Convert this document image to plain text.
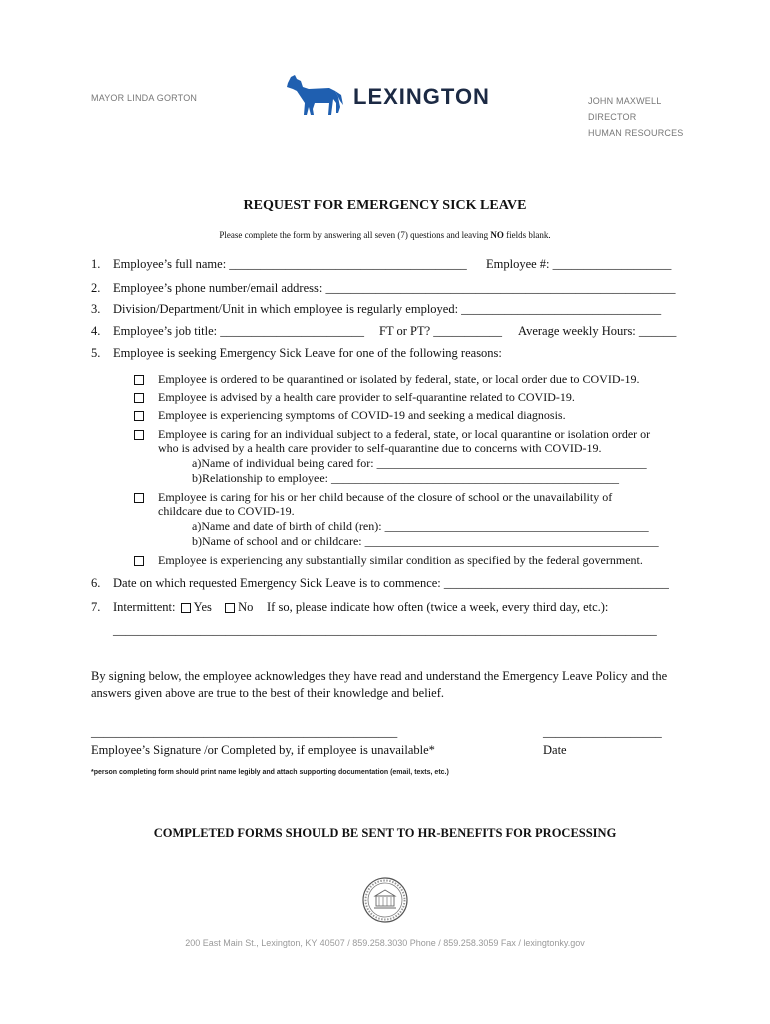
MAYOR LINDA GORTON	LEXINGTON	JOHN MAXWELL
DIRECTOR
HUMAN RESOURCES
REQUEST FOR EMERGENCY SICK LEAVE
Please complete the form by answering all seven (7) questions and leaving NO fields blank.
1. Employee’s full name: ______________________________________ Employee #: ___________________
2. Employee’s phone number/email address: ________________________________________________________
3. Division/Department/Unit in which employee is regularly employed: ________________________________
4. Employee’s job title: _______________________ FT or PT? ___________ Average weekly Hours: ______
5. Employee is seeking Emergency Sick Leave for one of the following reasons:
Employee is ordered to be quarantined or isolated by federal, state, or local order due to COVID-19.
Employee is advised by a health care provider to self-quarantine related to COVID-19.
Employee is experiencing symptoms of COVID-19 and seeking a medical diagnosis.
Employee is caring for an individual subject to a federal, state, or local quarantine or isolation order or
who is advised by a health care provider to self-quarantine due to concerns with COVID-19.
a)Name of individual being cared for: _____________________________________________
b)Relationship to employee: ________________________________________________
Employee is caring for his or her child because of the closure of school or the unavailability of
childcare due to COVID-19.
a)Name and date of birth of child (ren): ____________________________________________
b)Name of school and or childcare: _________________________________________________
Employee is experiencing any substantially similar condition as specified by the federal government.
6. Date on which requested Emergency Sick Leave is to commence: ____________________________________
7. Intermittent:	Yes	No If so, please indicate how often (twice a week, every third day, etc.):
_______________________________________________________________________________________
By signing below, the employee acknowledges they have read and understand the Emergency Leave Policy and the answers given above are true to the best of their knowledge and belief.
_________________________________________________	___________________
Employee’s Signature /or Completed by, if employee is unavailable*	Date
*person completing form should print name legibly and attach supporting documentation (email, texts, etc.)
COMPLETED FORMS SHOULD BE SENT TO HR-BENEFITS FOR PROCESSING
200 East Main St., Lexington, KY 40507 / 859.258.3030 Phone / 859.258.3059 Fax / lexingtonky.gov
